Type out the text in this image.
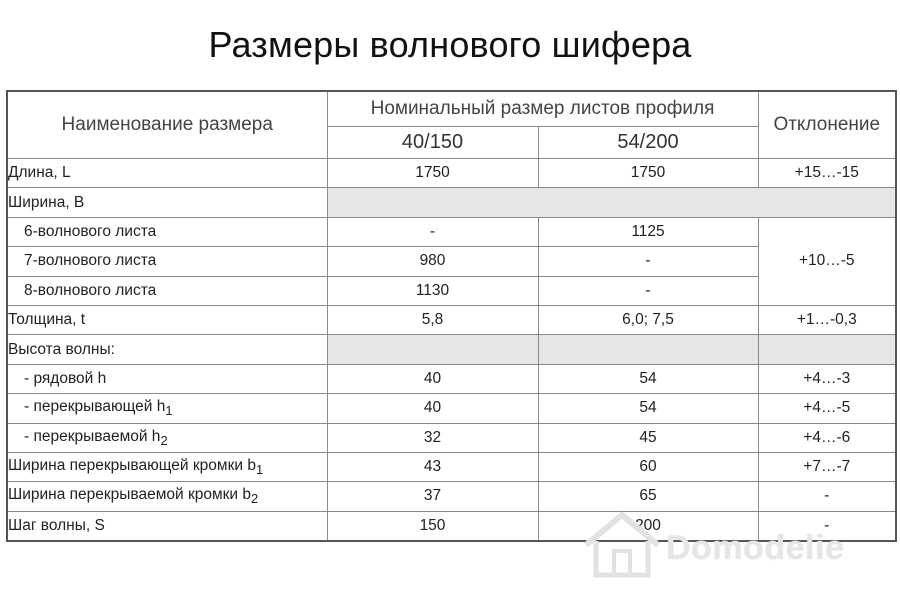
Размеры волнового шифера
Наименование размера	Номинальный размер листов профиля		Отклонение
	40/150	54/200	
Длина, L	1750	1750	+15…-15
Ширина, В			
6-волнового листа	-	1125	+10…-5
7-волнового листа	980	-	
8-волнового листа	1130	-	
Толщина, t	5,8	6,0; 7,5	+1…-0,3
Высота волны:			
- рядовой h	40	54	+4…-3
- перекрывающей $h_1$	40	54	+4…-5
- перекрываемой $h_2$	32	45	+4…-6
Ширина перекрывающей кромки $b_1$	43	60	+7…-7
Ширина перекрываемой кромки $b_2$	37	65	-
Шаг волны, S	150	200	-
Domodelie
